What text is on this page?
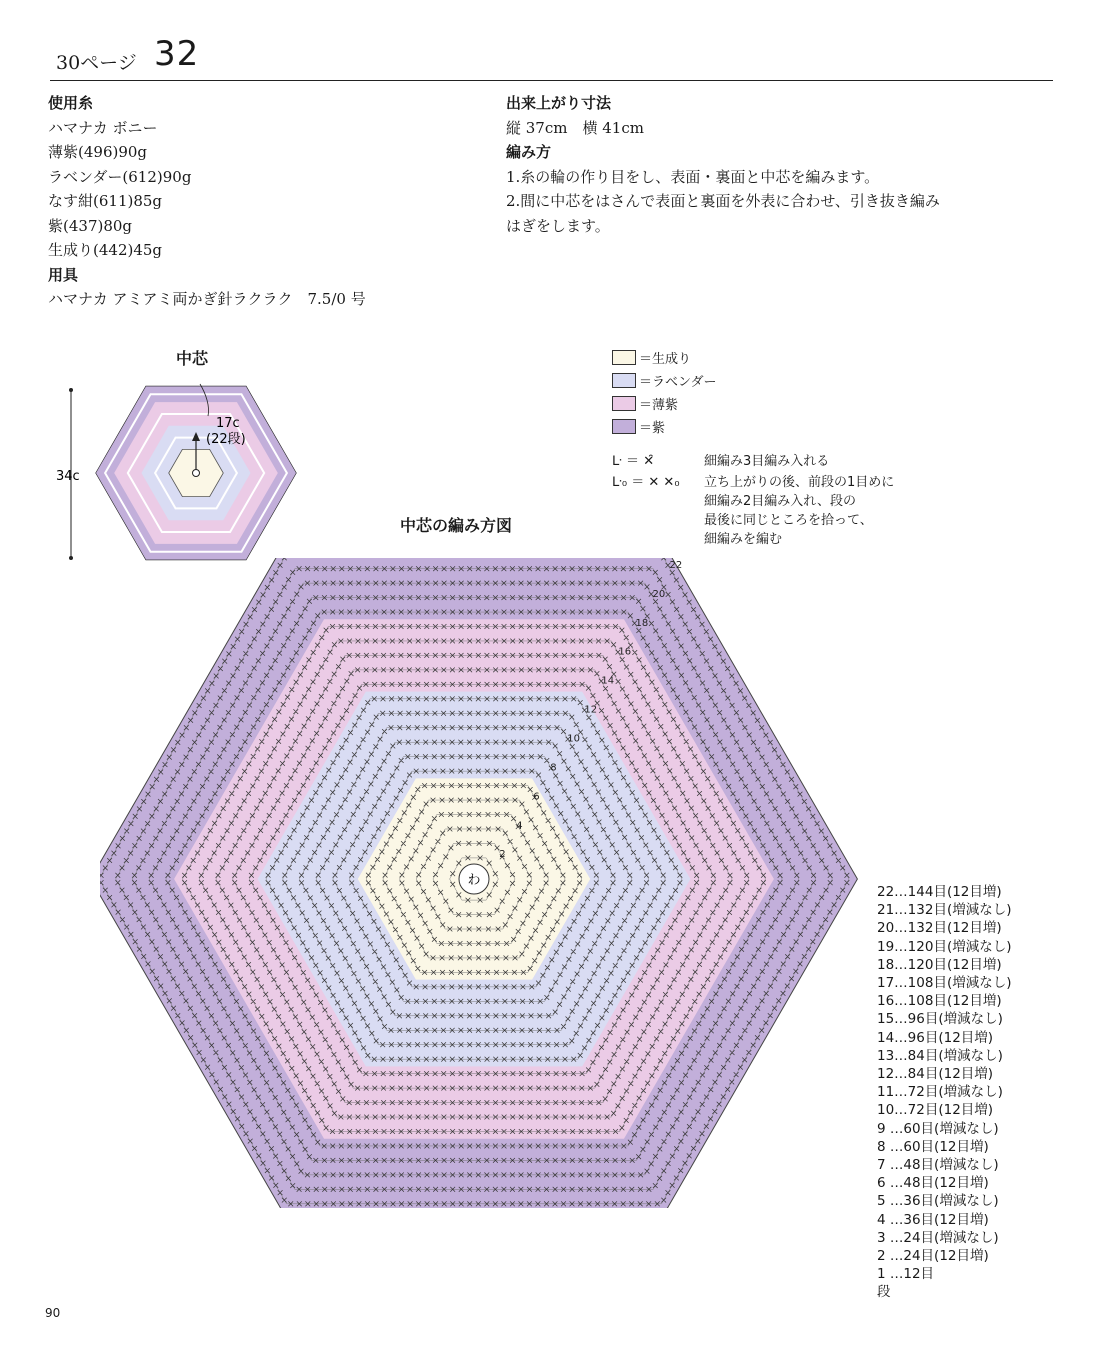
30ページ 32
使用糸
ハマナカ ボニー
薄紫(496)90g
ラベンダー(612)90g
なす紺(611)85g
紫(437)80g
生成り(442)45g
用具
ハマナカ アミアミ両かぎ針ラクラク　7.5/0 号
出来上がり寸法
縦 37cm　横 41cm
編み方
1.糸の輪の作り目をし、表面・裏面と中芯を編みます。
2.間に中芯をはさんで表面と裏面を外表に合わせ、引き抜き編み
はぎをします。
中芯
34c
17c
(22段)
＝生成り
＝ラベンダー
＝薄紫
＝紫
ᒷ ＝ ✕̑	細編み3目編み入れる
ᒷ₀ ＝ ✕ ✕₀	立ち上がりの後、前段の1目めに
細編み2目編み入れ、段の
最後に同じところを拾って、
細編みを編む
中芯の編み方図
わ
22
20
18
16
14
12
10
8
6
4
2
22…144目(12目増)
21…132目(増減なし)
20…132目(12目増)
19…120目(増減なし)
18…120目(12目増)
17…108目(増減なし)
16…108目(12目増)
15…96目(増減なし)
14…96目(12目増)
13…84目(増減なし)
12…84目(12目増)
11…72目(増減なし)
10…72目(12目増)
9 …60目(増減なし)
8 …60目(12目増)
7 …48目(増減なし)
6 …48目(12目増)
5 …36目(増減なし)
4 …36目(12目増)
3 …24目(増減なし)
2 …24目(12目増)
1 …12目
段
90
